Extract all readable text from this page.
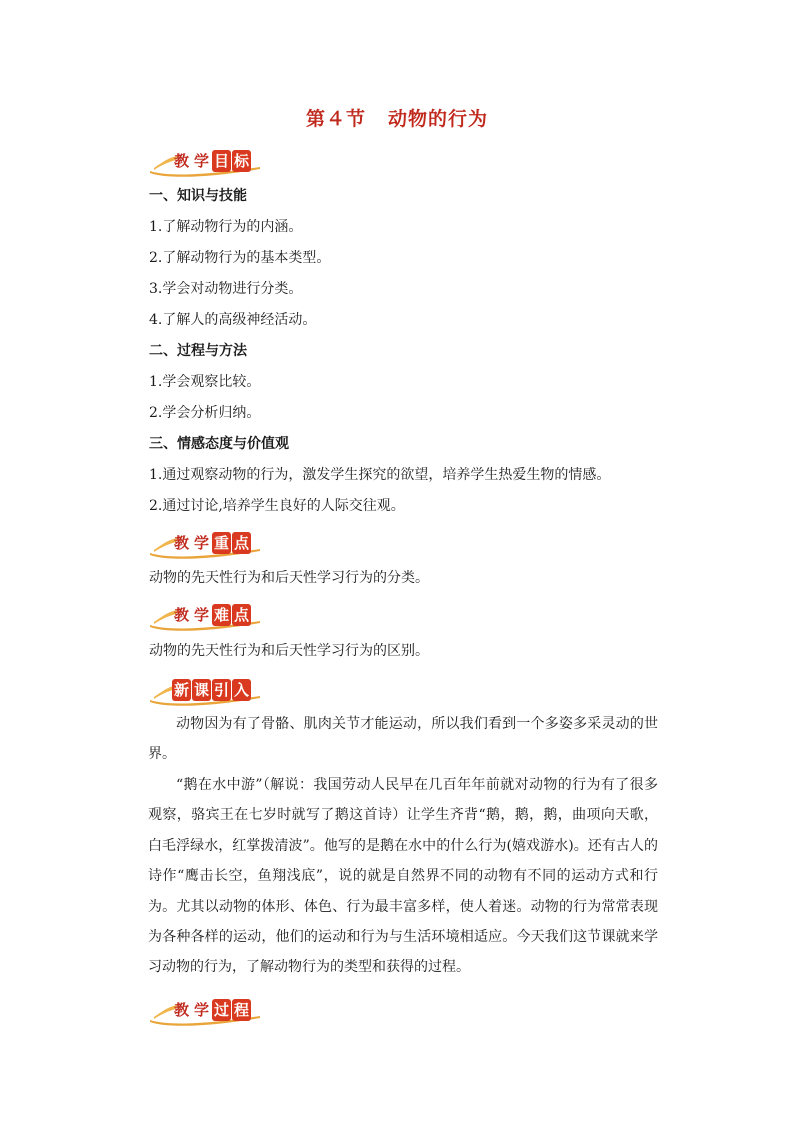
第４节 动物的行为
教 学 目 标
一、知识与技能
1.了解动物行为的内涵。
2.了解动物行为的基本类型。
3.学会对动物进行分类。
4.了解人的高级神经活动。
二、过程与方法
1.学会观察比较。
2.学会分析归纳。
三、情感态度与价值观
1.通过观察动物的行为，激发学生探究的欲望，培养学生热爱生物的情感。
2.通过讨论,培养学生良好的人际交往观。
教 学 重 点
动物的先天性行为和后天性学习行为的分类。
教 学 难 点
动物的先天性行为和后天性学习行为的区别。
新 课 引 入
动物因为有了骨骼、肌肉关节才能运动，所以我们看到一个多姿多采灵动的世界。
“鹅在水中游”（解说：我国劳动人民早在几百年年前就对动物的行为有了很多观察，骆宾王在七岁时就写了鹅这首诗）让学生齐背“鹅，鹅，鹅，曲项向天歌，白毛浮绿水，红掌拨清波”。他写的是鹅在水中的什么行为(嬉戏游水)。还有古人的诗作“鹰击长空，鱼翔浅底”，说的就是自然界不同的动物有不同的运动方式和行为。尤其以动物的体形、体色、行为最丰富多样，使人着迷。动物的行为常常表现为各种各样的运动，他们的运动和行为与生活环境相适应。今天我们这节课就来学习动物的行为，了解动物行为的类型和获得的过程。
教 学 过 程
